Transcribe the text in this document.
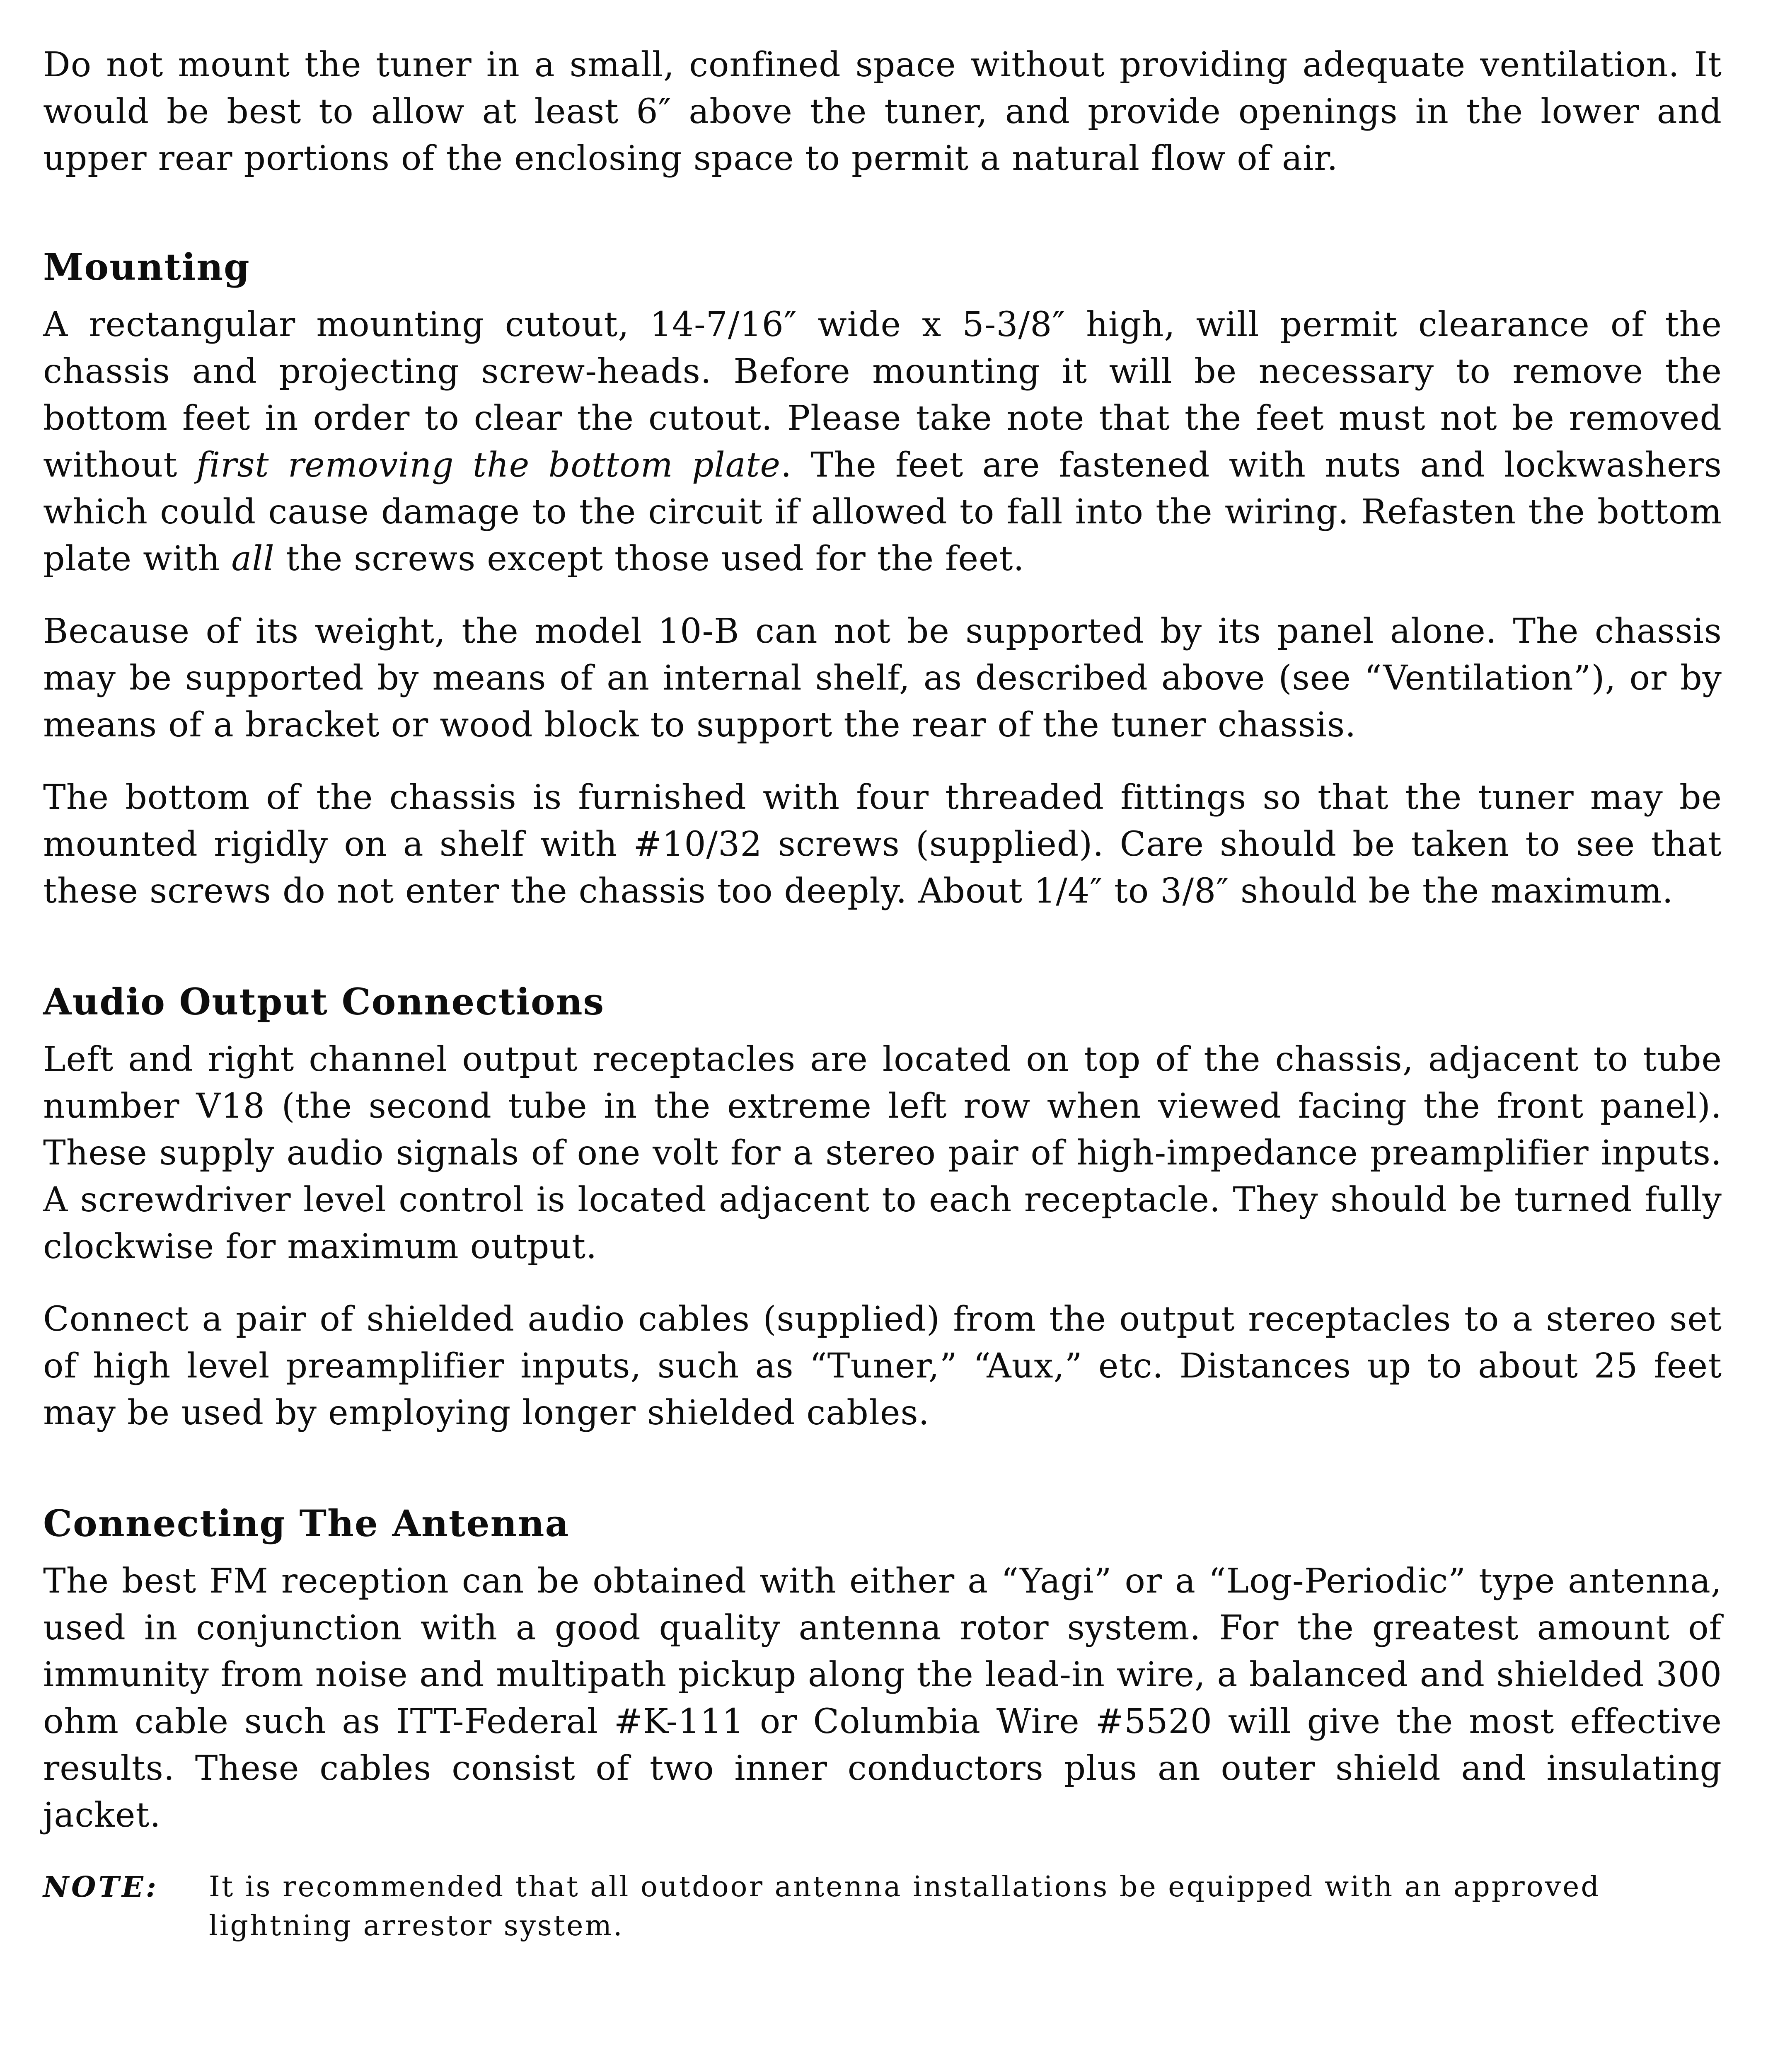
Do not mount the tuner in a small, confined space without providing adequate ventilation. It would be best to allow at least 6″ above the tuner, and provide openings in the lower and upper rear portions of the enclosing space to permit a natural flow of air.

Mounting

A rectangular mounting cutout, 14-7/16″ wide x 5-3/8″ high, will permit clearance of the chassis and projecting screw-heads. Before mounting it will be necessary to remove the bottom feet in order to clear the cutout. Please take note that the feet must not be removed without first removing the bottom plate. The feet are fastened with nuts and lockwashers which could cause damage to the circuit if allowed to fall into the wiring. Refasten the bottom plate with all the screws except those used for the feet.

Because of its weight, the model 10-B can not be supported by its panel alone. The chassis may be supported by means of an internal shelf, as described above (see “Ventilation”), or by means of a bracket or wood block to support the rear of the tuner chassis.

The bottom of the chassis is furnished with four threaded fittings so that the tuner may be mounted rigidly on a shelf with #10/32 screws (supplied). Care should be taken to see that these screws do not enter the chassis too deeply. About 1/4″ to 3/8″ should be the maximum.

Audio Output Connections

Left and right channel output receptacles are located on top of the chassis, adjacent to tube number V18 (the second tube in the extreme left row when viewed facing the front panel). These supply audio signals of one volt for a stereo pair of high-impedance preamplifier inputs. A screwdriver level control is located adjacent to each receptacle. They should be turned fully clockwise for maximum output.

Connect a pair of shielded audio cables (supplied) from the output receptacles to a stereo set of high level preamplifier inputs, such as “Tuner,” “Aux,” etc. Distances up to about 25 feet may be used by employing longer shielded cables.

Connecting The Antenna

The best FM reception can be obtained with either a “Yagi” or a “Log-Periodic” type antenna, used in conjunction with a good quality antenna rotor system. For the greatest amount of immunity from noise and multipath pickup along the lead-in wire, a balanced and shielded 300 ohm cable such as ITT-Federal #K-111 or Columbia Wire #5520 will give the most effective results. These cables consist of two inner conductors plus an outer shield and insulating jacket.

NOTE:	It is recommended that all outdoor antenna installations be equipped with an approved lightning arrestor system.
